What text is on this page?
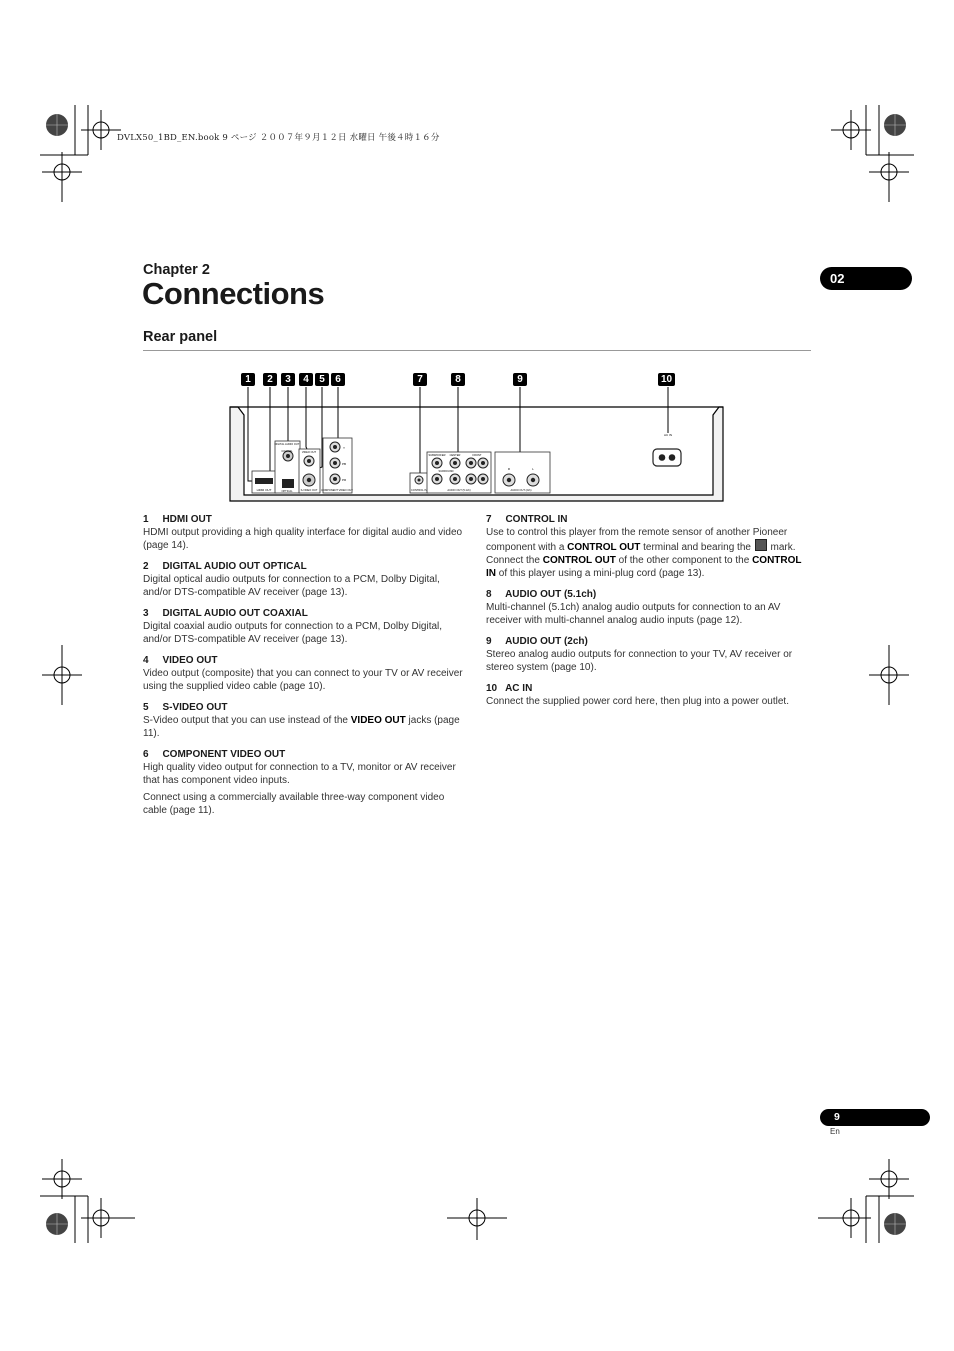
DVLX50_1BD_EN.book 9 ページ ２００７年９月１２日 水曜日 午後４時１６分
Chapter 2
Connections	02
Rear panel
1	2	3	4	5	6	7	8	9	10
HDMI OUT
DIGITAL AUDIO OUT
COAXIAL
OPTICAL
VIDEO OUT
S-VIDEO OUT
Y
PB
PR
COMPONENT VIDEO OUT	CONTROL IN
SUBWOOFER CENTER	FRONT
SURROUND
AUDIO OUT (5.1ch)
R	L
AUDIO OUT (2ch)
AC IN
1     HDMI OUT

HDMI output providing a high quality interface for digital audio and video (page 14).

2     DIGITAL AUDIO OUT OPTICAL

Digital optical audio outputs for connection to a PCM, Dolby Digital, and/or DTS-compatible AV receiver (page 13).

3     DIGITAL AUDIO OUT COAXIAL

Digital coaxial audio outputs for connection to a PCM, Dolby Digital, and/or DTS-compatible AV receiver (page 13).

4     VIDEO OUT

Video output (composite) that you can connect to your TV or AV receiver using the supplied video cable (page 10).

5     S-VIDEO OUT

S-Video output that you can use instead of the VIDEO OUT jacks (page 11).

6     COMPONENT VIDEO OUT

High quality video output for connection to a TV, monitor or AV receiver that has component video inputs.

Connect using a commercially available three-way component video cable (page 11).

7     CONTROL IN

Use to control this player from the remote sensor of another Pioneer component with a CONTROL OUT terminal and bearing the  mark. Connect the CONTROL OUT of the other component to the CONTROL IN of this player using a mini-plug cord (page 13).

8     AUDIO OUT (5.1ch)

Multi-channel (5.1ch) analog audio outputs for connection to an AV receiver with multi-channel analog audio inputs (page 12).

9     AUDIO OUT (2ch)

Stereo analog audio outputs for connection to your TV, AV receiver or stereo system (page 10).

10   AC IN

Connect the supplied power cord here, then plug into a power outlet.

9
En
